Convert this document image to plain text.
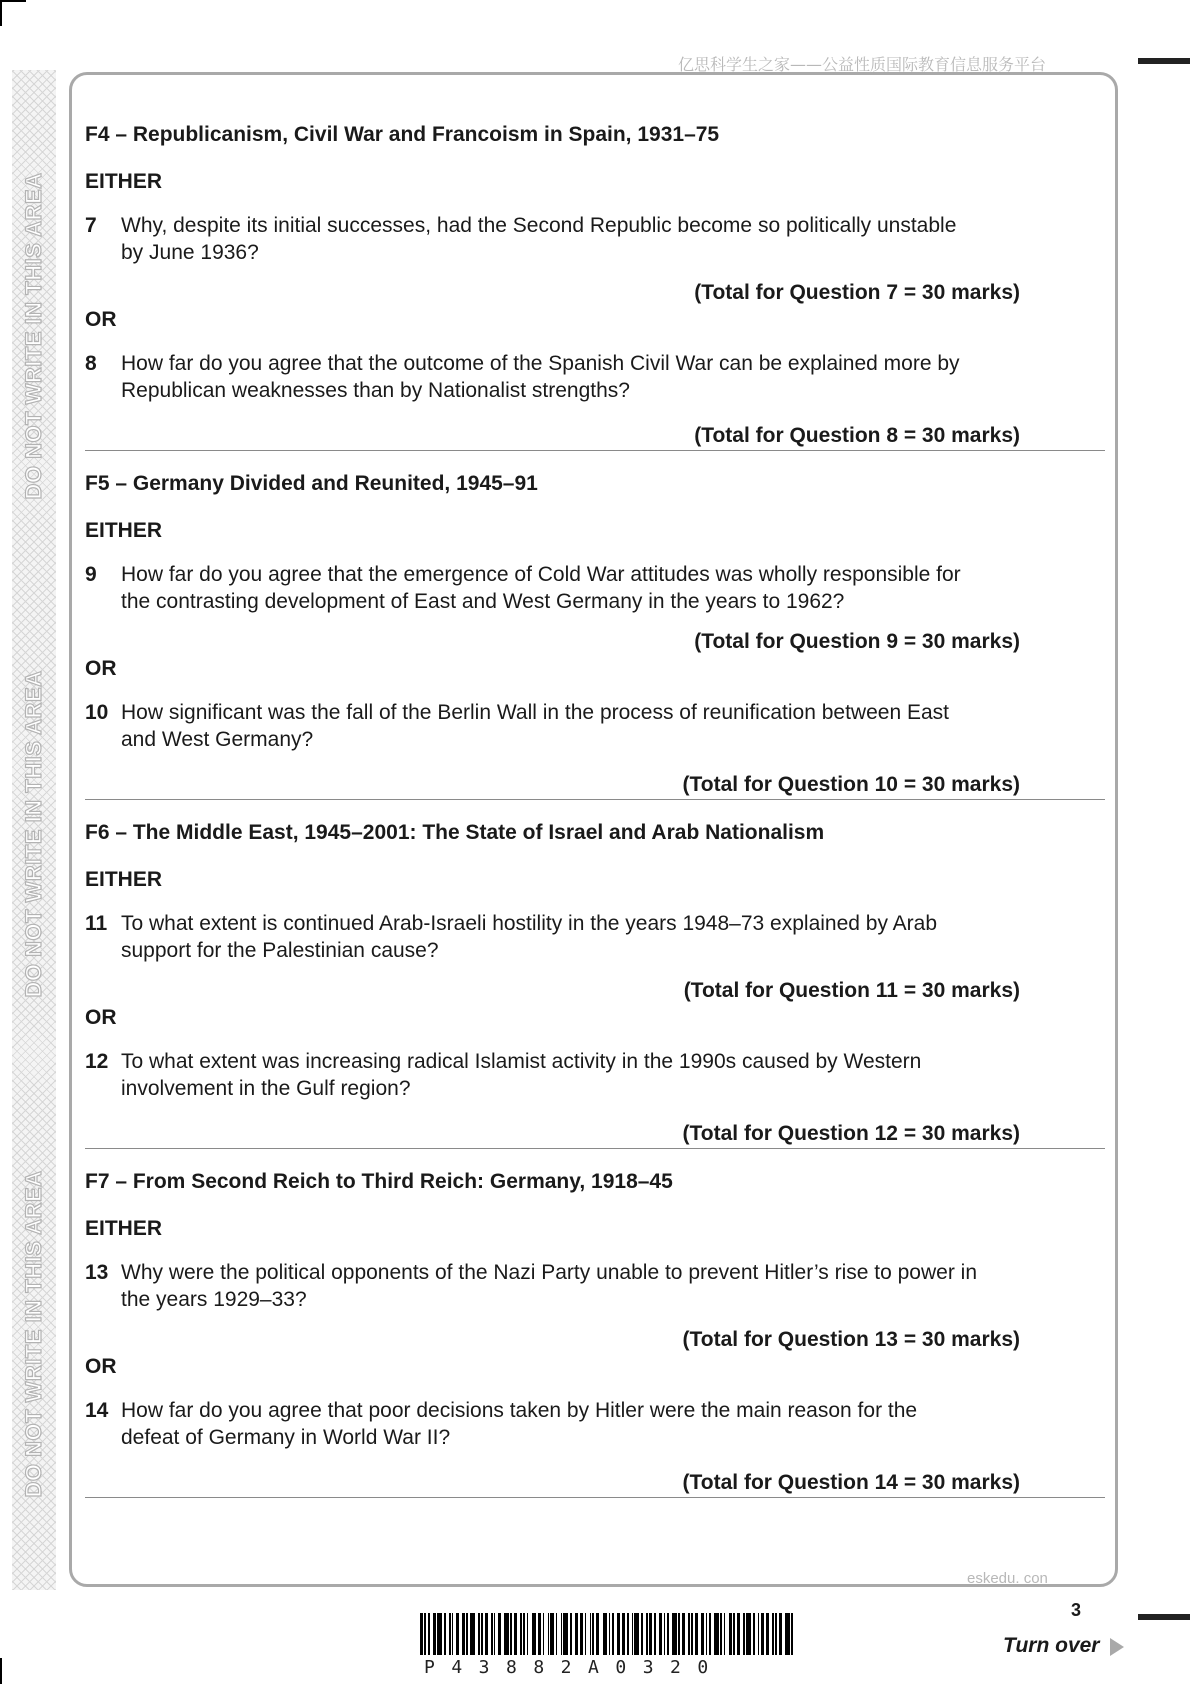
亿思科学生之家——公益性质国际教育信息服务平台
DO NOT WRITE IN THIS AREA
DO NOT WRITE IN THIS AREA
DO NOT WRITE IN THIS AREA
F4 – Republicanism, Civil War and Francoism in Spain, 1931–75
EITHER
7	Why, despite its initial successes, had the Second Republic become so politically unstable by June 1936?
(Total for Question 7 = 30 marks)
OR
8	How far do you agree that the outcome of the Spanish Civil War can be explained more by Republican weaknesses than by Nationalist strengths?
(Total for Question 8 = 30 marks)
F5 – Germany Divided and Reunited, 1945–91
EITHER
9	How far do you agree that the emergence of Cold War attitudes was wholly responsible for the contrasting development of East and West Germany in the years to 1962?
(Total for Question 9 = 30 marks)
OR
10 How significant was the fall of the Berlin Wall in the process of reunification between East and West Germany?
(Total for Question 10 = 30 marks)
F6 – The Middle East, 1945–2001: The State of Israel and Arab Nationalism
EITHER
11 To what extent is continued Arab-Israeli hostility in the years 1948–73 explained by Arab support for the Palestinian cause?
(Total for Question 11 = 30 marks)
OR
12 To what extent was increasing radical Islamist activity in the 1990s caused by Western involvement in the Gulf region?
(Total for Question 12 = 30 marks)
F7 – From Second Reich to Third Reich: Germany, 1918–45
EITHER
13 Why were the political opponents of the Nazi Party unable to prevent Hitler’s rise to power in the years 1929–33?
(Total for Question 13 = 30 marks)
OR
14 How far do you agree that poor decisions taken by Hitler were the main reason for the defeat of Germany in World War II?
(Total for Question 14 = 30 marks)
eskedu. con
P43882A0320
3
Turn over
